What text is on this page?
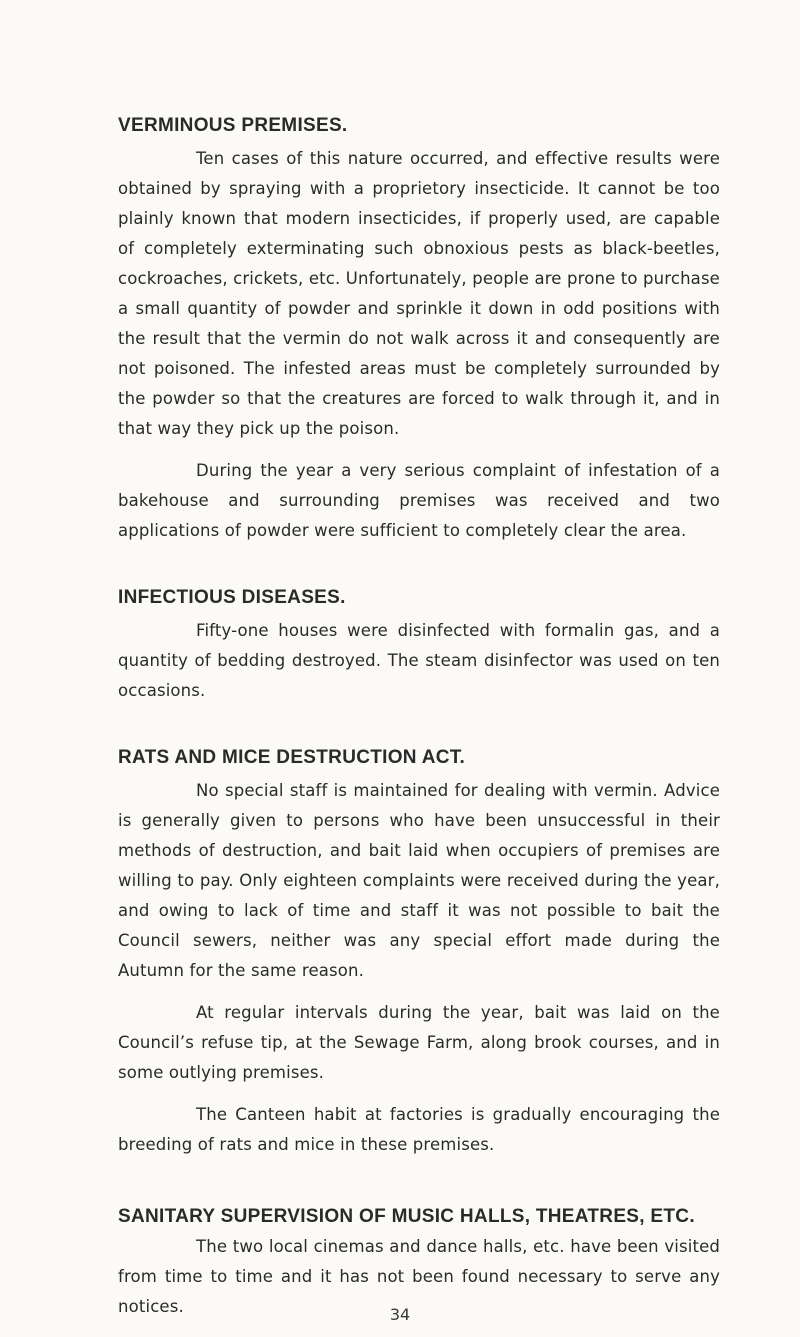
VERMINOUS PREMISES.

Ten cases of this nature occurred, and effective results were obtained by spraying with a proprietory insecticide. It cannot be too plainly known that modern insecticides, if properly used, are capable of completely exterminating such obnoxious pests as black-beetles, cockroaches, crickets, etc. Unfortunately, people are prone to purchase a small quantity of powder and sprinkle it down in odd positions with the result that the vermin do not walk across it and consequently are not poisoned. The infested areas must be completely surrounded by the powder so that the creatures are forced to walk through it, and in that way they pick up the poison.

During the year a very serious complaint of infestation of a bakehouse and surrounding premises was received and two applications of powder were sufficient to completely clear the area.

INFECTIOUS DISEASES.

Fifty-one houses were disinfected with formalin gas, and a quantity of bedding destroyed. The steam disinfector was used on ten occasions.

RATS AND MICE DESTRUCTION ACT.

No special staff is maintained for dealing with vermin. Advice is generally given to persons who have been unsuccessful in their methods of destruction, and bait laid when occupiers of premises are willing to pay. Only eighteen complaints were received during the year, and owing to lack of time and staff it was not possible to bait the Council sewers, neither was any special effort made during the Autumn for the same reason.

At regular intervals during the year, bait was laid on the Council’s refuse tip, at the Sewage Farm, along brook courses, and in some outlying premises.

The Canteen habit at factories is gradually encouraging the breeding of rats and mice in these premises.

SANITARY SUPERVISION OF MUSIC HALLS, THEATRES, ETC.

The two local cinemas and dance halls, etc. have been visited from time to time and it has not been found necessary to serve any notices.	34
